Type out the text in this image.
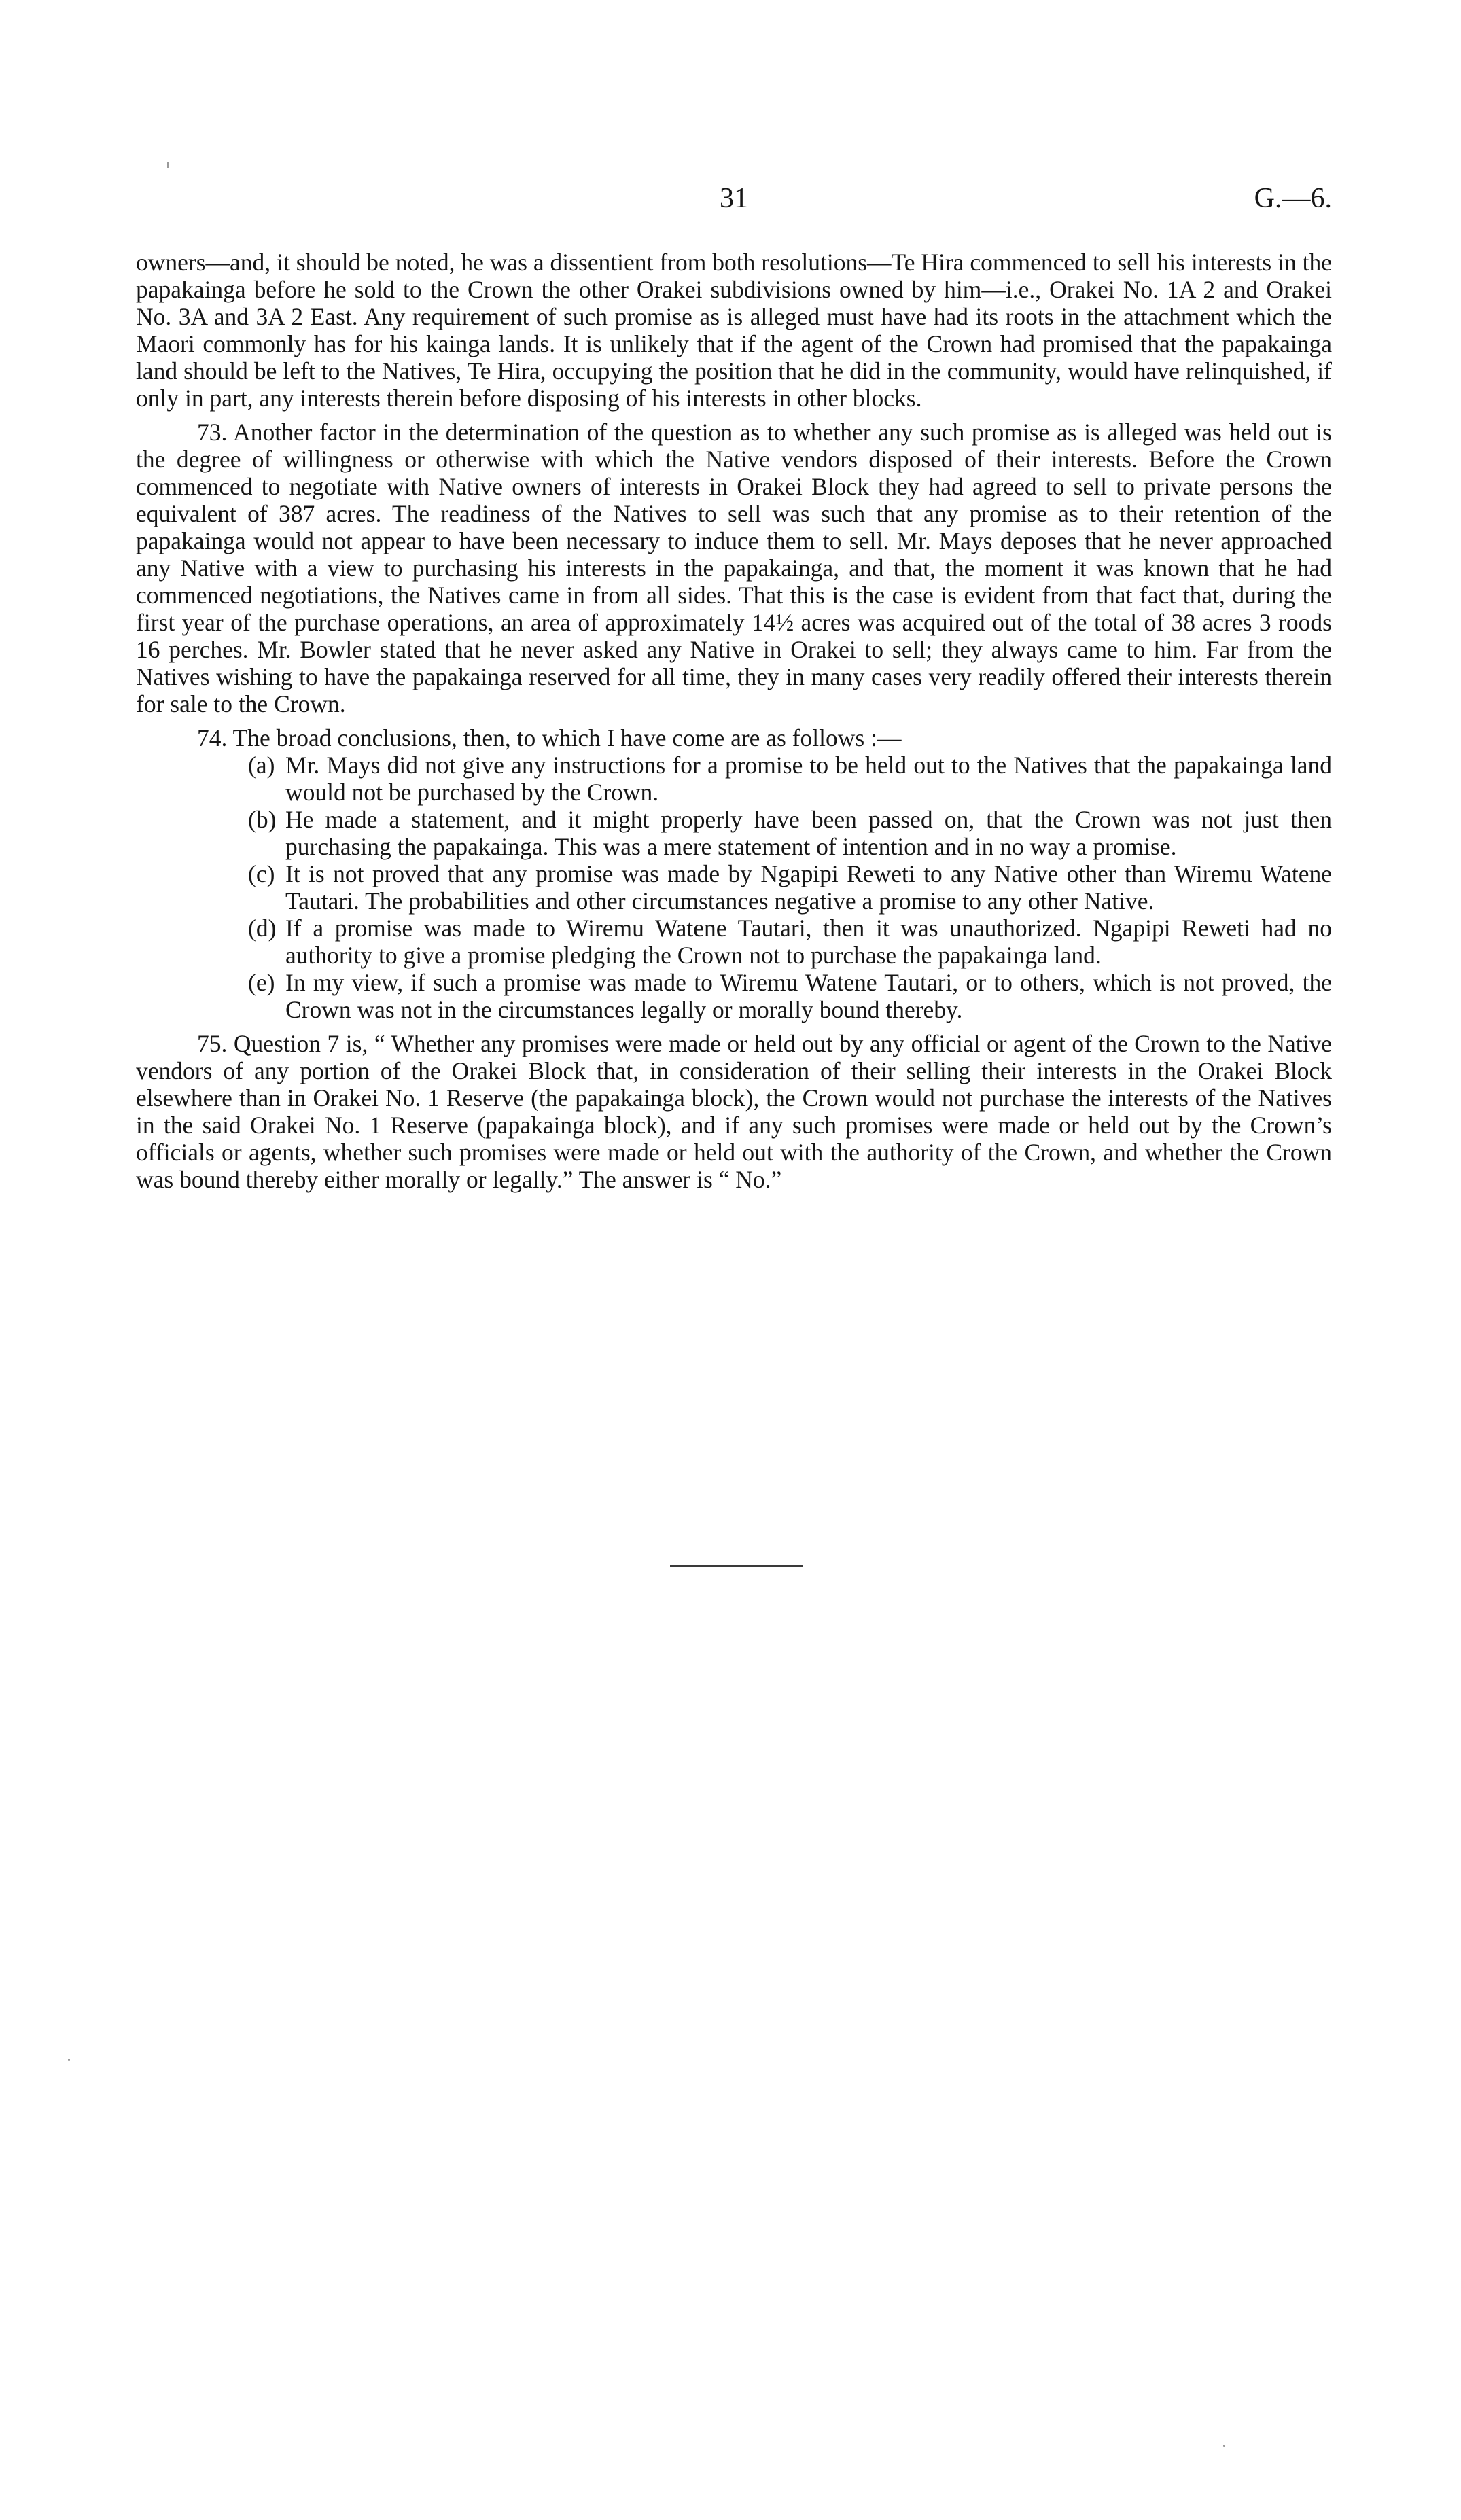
31	G.—6.

owners—and, it should be noted, he was a dissentient from both resolutions—Te Hira commenced to sell his interests in the papakainga before he sold to the Crown the other Orakei subdivisions owned by him—i.e., Orakei No. 1A 2 and Orakei No. 3A and 3A 2 East. Any requirement of such promise as is alleged must have had its roots in the attachment which the Maori commonly has for his kainga lands. It is unlikely that if the agent of the Crown had promised that the papakainga land should be left to the Natives, Te Hira, occupying the position that he did in the community, would have relinquished, if only in part, any interests therein before disposing of his interests in other blocks.

73. Another factor in the determination of the question as to whether any such promise as is alleged was held out is the degree of willingness or otherwise with which the Native vendors disposed of their interests. Before the Crown commenced to negotiate with Native owners of interests in Orakei Block they had agreed to sell to private persons the equivalent of 387 acres. The readiness of the Natives to sell was such that any promise as to their retention of the papakainga would not appear to have been necessary to induce them to sell. Mr. Mays deposes that he never approached any Native with a view to purchasing his interests in the papakainga, and that, the moment it was known that he had commenced negotiations, the Natives came in from all sides. That this is the case is evident from that fact that, during the first year of the purchase operations, an area of approximately 14½ acres was acquired out of the total of 38 acres 3 roods 16 perches. Mr. Bowler stated that he never asked any Native in Orakei to sell; they always came to him. Far from the Natives wishing to have the papakainga reserved for all time, they in many cases very readily offered their interests therein for sale to the Crown.

74. The broad conclusions, then, to which I have come are as follows :—

(a) Mr. Mays did not give any instructions for a promise to be held out to the Natives that the papakainga land would not be purchased by the Crown.
(b) He made a statement, and it might properly have been passed on, that the Crown was not just then purchasing the papakainga. This was a mere statement of intention and in no way a promise.
(c) It is not proved that any promise was made by Ngapipi Reweti to any Native other than Wiremu Watene Tautari. The probabilities and other circumstances negative a promise to any other Native.
(d) If a promise was made to Wiremu Watene Tautari, then it was unauthorized. Ngapipi Reweti had no authority to give a promise pledging the Crown not to purchase the papakainga land.
(e) In my view, if such a promise was made to Wiremu Watene Tautari, or to others, which is not proved, the Crown was not in the circumstances legally or morally bound thereby.

75. Question 7 is, “ Whether any promises were made or held out by any official or agent of the Crown to the Native vendors of any portion of the Orakei Block that, in consideration of their selling their interests in the Orakei Block elsewhere than in Orakei No. 1 Reserve (the papakainga block), the Crown would not purchase the interests of the Natives in the said Orakei No. 1 Reserve (papakainga block), and if any such promises were made or held out by the Crown’s officials or agents, whether such promises were made or held out with the authority of the Crown, and whether the Crown was bound thereby either morally or legally.” The answer is “ No.”
